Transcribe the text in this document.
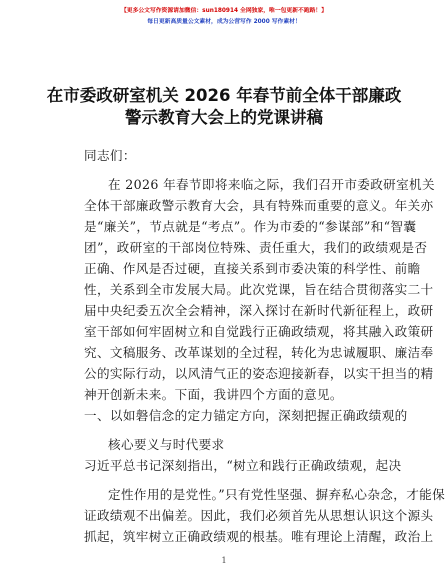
【更多公文写作资源请加微信：sun180914 全网独家，唯一包更新不跑路！】
每日更新高质量公文素材，成为公营写作 2000 写作素材！
在市委政研室机关 2026 年春节前全体干部廉政
警示教育大会上的党课讲稿
同志们：
在 2026 年春节即将来临之际，我们召开市委政研室机关
全体干部廉政警示教育大会，具有特殊而重要的意义。年关亦
是“廉关”，节点就是“考点”。作为市委的“参谋部”和“智囊
团”，政研室的干部岗位特殊、责任重大，我们的政绩观是否
正确、作风是否过硬，直接关系到市委决策的科学性、前瞻
性，关系到全市发展大局。此次党课，旨在结合贯彻落实二十
届中央纪委五次全会精神，深入探讨在新时代新征程上，政研
室干部如何牢固树立和自觉践行正确政绩观，将其融入政策研
究、文稿服务、改革谋划的全过程，转化为忠诚履职、廉洁奉
公的实际行动，以风清气正的姿态迎接新春，以实干担当的精
神开创新未来。下面，我讲四个方面的意见。
一、以如磐信念的定力锚定方向，深刻把握正确政绩观的
核心要义与时代要求
习近平总书记深刻指出，“树立和践行正确政绩观，起决
定性作用的是党性。”只有党性坚强、摒弃私心杂念，才能保
证政绩观不出偏差。因此，我们必须首先从思想认识这个源头
抓起，筑牢树立正确政绩观的根基。唯有理论上清醒，政治上
1
